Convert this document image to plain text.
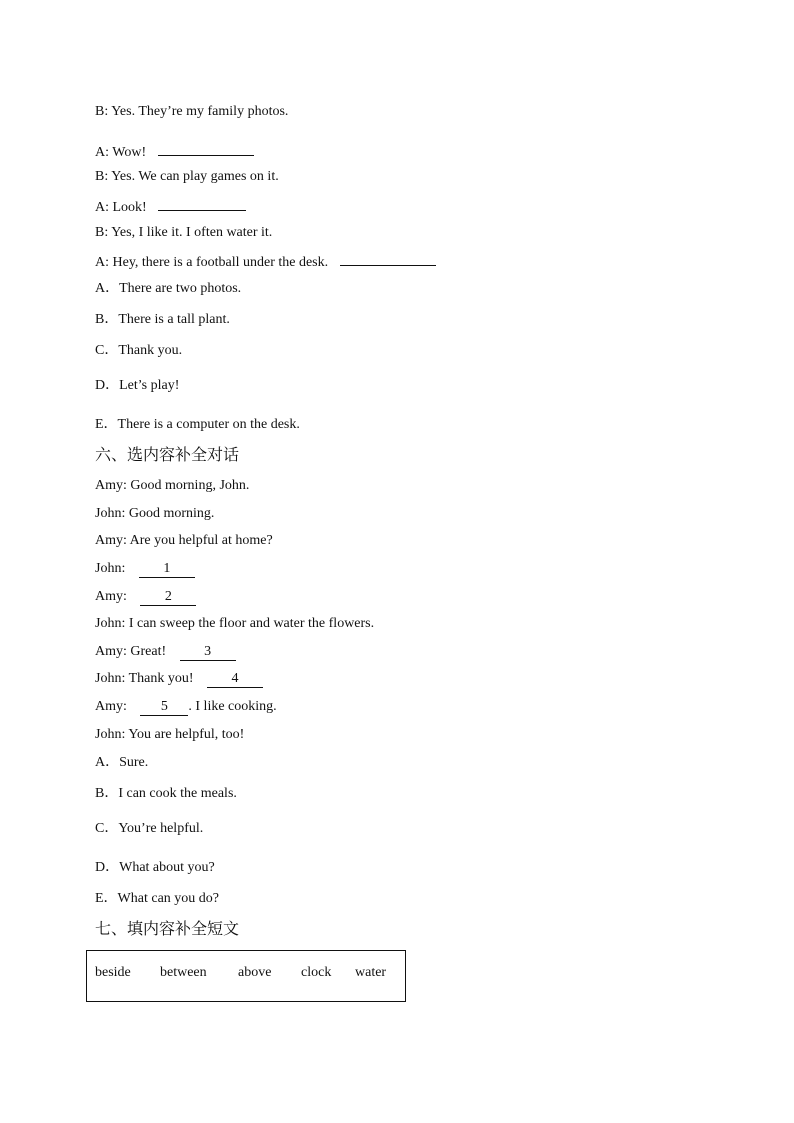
B: Yes. They’re my family photos.
A: Wow!
B: Yes. We can play games on it.
A: Look!
B: Yes, I like it. I often water it.
A: Hey, there is a football under the desk.
A．There are two photos.
B．There is a tall plant.
C．Thank you.
D．Let’s play!
E．There is a computer on the desk.
六、选内容补全对话
Amy: Good morning, John.
John: Good morning.
Amy: Are you helpful at home?
John:	1
Amy:	2
John: I can sweep the floor and water the flowers.
Amy: Great!	3
John: Thank you!	4
Amy: 5 . I like cooking.
John: You are helpful, too!
A．Sure.
B．I can cook the meals.
C．You’re helpful.
D．What about you?
E．What can you do?
七、填内容补全短文
beside between above clock water
